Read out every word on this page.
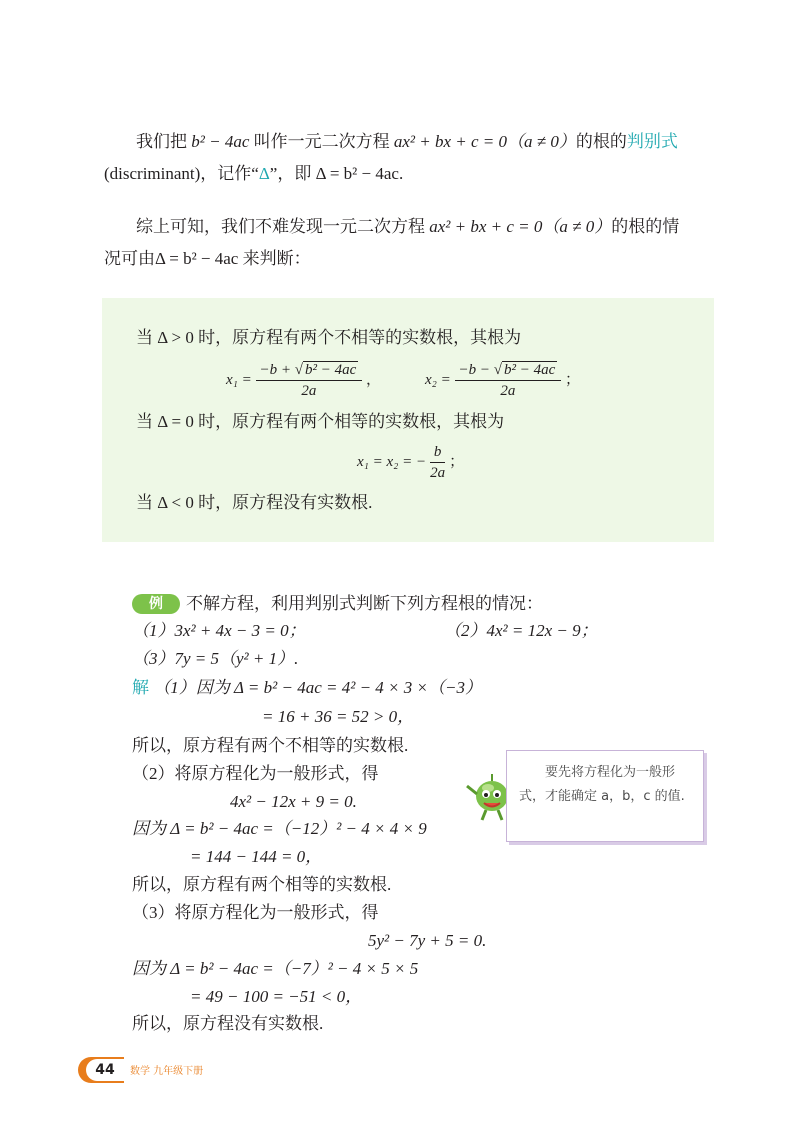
我们把 b² − 4ac 叫作一元二次方程 ax² + bx + c = 0（a ≠ 0）的根的判别式
(discriminant)，记作“Δ”，即 Δ = b² − 4ac.
综上可知，我们不难发现一元二次方程 ax² + bx + c = 0（a ≠ 0）的根的情
况可由Δ = b² − 4ac 来判断：
当 Δ > 0 时，原方程有两个不相等的实数根，其根为
$x_1 = \frac{\text{−b + √ b² − 4ac}}{2a}$ ，	$x_2 = \frac{\text{−b − √ b² − 4ac}}{2a}$ ；
当 Δ = 0 时，原方程有两个相等的实数根，其根为
x₁ = x₂ = − $\frac{b}{2a}$ ；
当 Δ < 0 时，原方程没有实数根.
例	不解方程，利用判别式判断下列方程根的情况：
（1）3x² + 4x − 3 = 0；	（2）4x² = 12x − 9；
（3）7y = 5（y² + 1）.
解 （1）因为 Δ = b² − 4ac = 4² − 4 × 3 ×（−3）
= 16 + 36 = 52 > 0，
所以，原方程有两个不相等的实数根.
（2）将原方程化为一般形式，得
4x² − 12x + 9 = 0.
因为 Δ = b² − 4ac =（−12）² − 4 × 4 × 9
= 144 − 144 = 0，
所以，原方程有两个相等的实数根.
（3）将原方程化为一般形式，得
5y² − 7y + 5 = 0.
因为 Δ = b² − 4ac =（−7）² − 4 × 5 × 5
= 49 − 100 = −51 < 0，
所以，原方程没有实数根.
要先将方程化为一般形式，才能确定 a，b，c 的值.
44	数学 九年级下册
